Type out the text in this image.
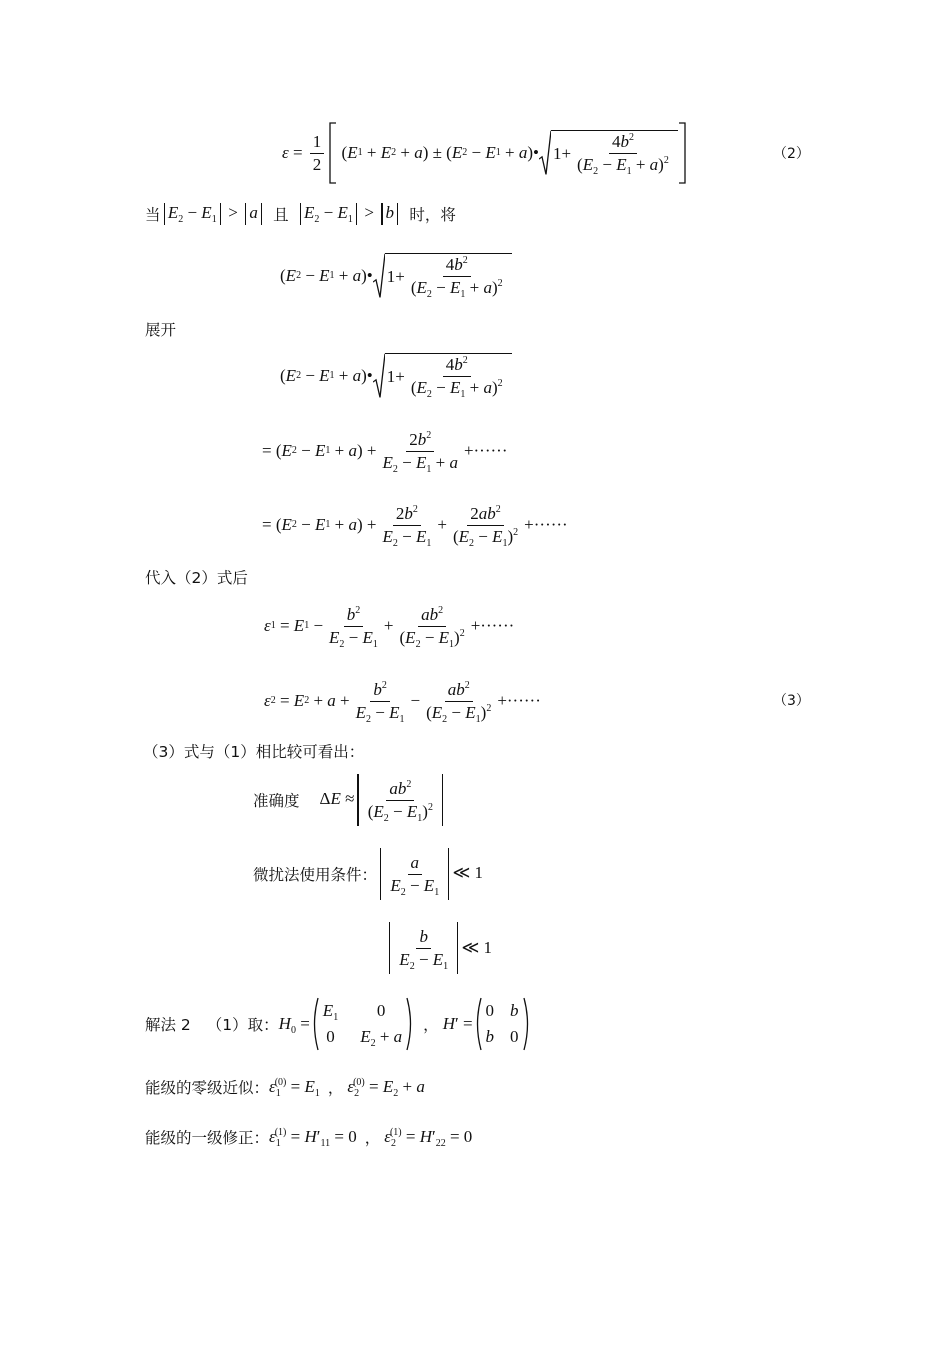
$\varepsilon = \frac{1}{2}$ ( E 1 + E 2 + a ) ± ( E 2 − E 1 + a )• $1+ \frac{4b^2}{(E_2 - E_1 + a)^2}$	（2）
当 $E_2 - E_1 > a$
且
$E_2 - E_1 > b$
时，将
( E 2 − E 1 + a )• $1+ \frac{4b^2}{(E_2 - E_1 + a)^2}$
展开
( E 2 − E 1 + a )• $1+ \frac{4b^2}{(E_2 - E_1 + a)^2}$
= ( E 2 − E 1 + a ) + $\frac{2b^2}{E_2 - E_1 + a}$ +······
= ( E 2 − E 1 + a ) + $\frac{2b^2}{E_2 - E_1} + \frac{2ab^2}{(E_2 - E_1)^2}$ +······
代入（2）式后
ε 1 = E $1 - \frac{b^2}{E_2 - E_1} + \frac{ab^2}{(E_2 - E_1)^2}$ +······
ε 2 = E $2 + a + \frac{b^2}{E_2 - E_1} - \frac{ab^2}{(E_2 - E_1)^2}$ +······	（3）
（3）式与（1）相比较可看出：
准确度
$\Delta E \approx \frac{ab^2}{(E_2 - E_1)^2}$
微扰法使用条件： $\frac{a}{E_2 - E_1}$ ≪ 1
$\frac{b}{E_2 - E_1}$ ≪ 1
解法 2
（1）取： $H_0$ =
$E_1$	0
0 $E_2 + a$

，
H′ =
0 b
b 0
能级的零级近似： $\varepsilon_1^{(0)} = E_1$
，
$\varepsilon_2^{(0)} = E_2 + a$
能级的一级修正： $\varepsilon_1^{(1)} = H'_{11} = 0$
，
$\varepsilon_2^{(1)} = H'_{22} = 0$
